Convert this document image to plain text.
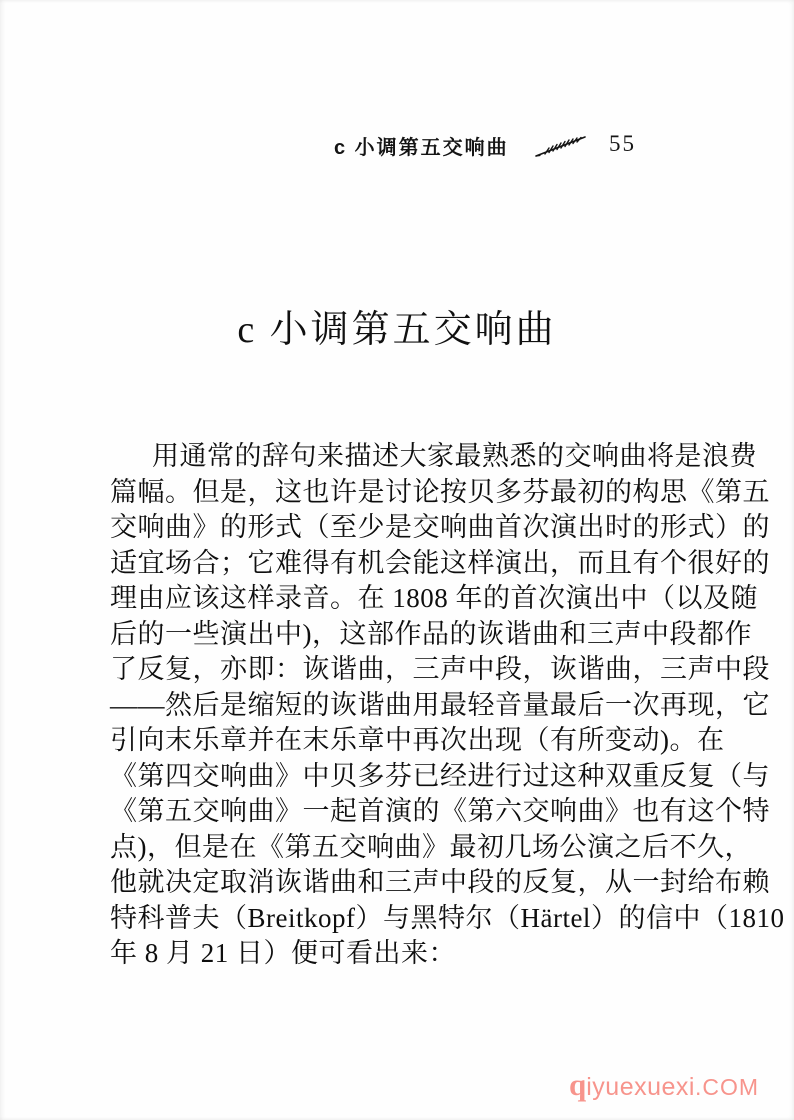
c 小调第五交响曲	55
c 小调第五交响曲
用通常的辞句来描述大家最熟悉的交响曲将是浪费
篇幅。但是，这也许是讨论按贝多芬最初的构思《第五
交响曲》的形式（至少是交响曲首次演出时的形式）的
适宜场合；它难得有机会能这样演出，而且有个很好的
理由应该这样录音。在 1808 年的首次演出中（以及随
后的一些演出中)，这部作品的诙谐曲和三声中段都作
了反复，亦即：诙谐曲，三声中段，诙谐曲，三声中段
——然后是缩短的诙谐曲用最轻音量最后一次再现，它
引向末乐章并在末乐章中再次出现（有所变动)。在
《第四交响曲》中贝多芬已经进行过这种双重反复（与
《第五交响曲》一起首演的《第六交响曲》也有这个特
点)，但是在《第五交响曲》最初几场公演之后不久，
他就决定取消诙谐曲和三声中段的反复，从一封给布赖
特科普夫（Breitkopf）与黑特尔（Härtel）的信中（1810
年 8 月 21 日）便可看出来：
qiyuexuexi.COM
